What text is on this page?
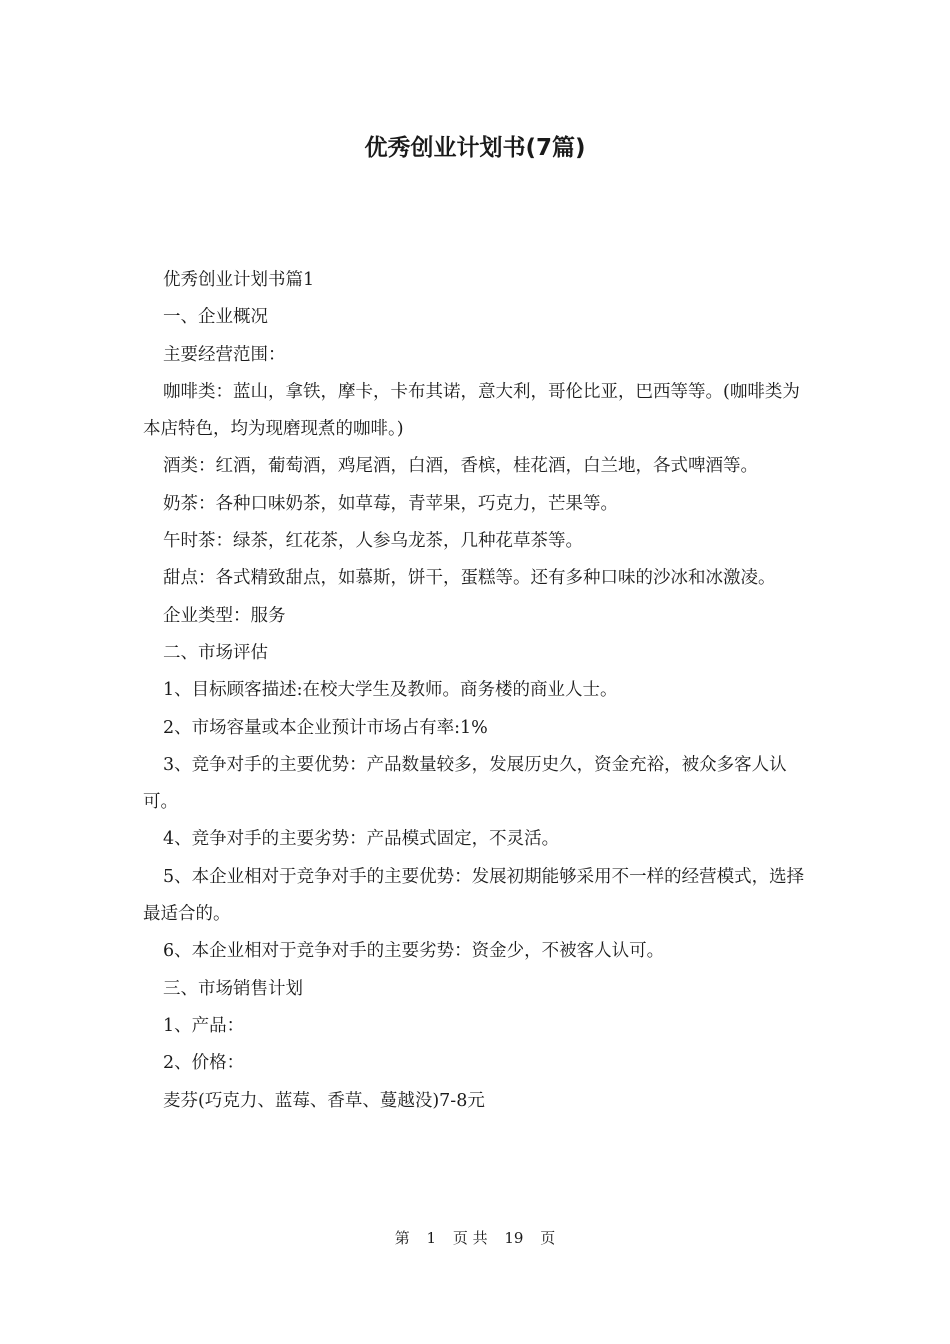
优秀创业计划书(7篇)

优秀创业计划书篇1

一、企业概况

主要经营范围：

咖啡类：蓝山，拿铁，摩卡，卡布其诺，意大利，哥伦比亚，巴西等等。(咖啡类为本店特色，均为现磨现煮的咖啡。)

酒类：红酒，葡萄酒，鸡尾酒，白酒，香槟，桂花酒，白兰地，各式啤酒等。

奶茶：各种口味奶茶，如草莓，青苹果，巧克力，芒果等。

午时茶：绿茶，红花茶，人参乌龙茶，几种花草茶等。

甜点：各式精致甜点，如慕斯，饼干，蛋糕等。还有多种口味的沙冰和冰激凌。

企业类型：服务

二、市场评估

1、目标顾客描述:在校大学生及教师。商务楼的商业人士。

2、市场容量或本企业预计市场占有率:1%

3、竞争对手的主要优势：产品数量较多，发展历史久，资金充裕，被众多客人认可。

4、竞争对手的主要劣势：产品模式固定，不灵活。

5、本企业相对于竞争对手的主要优势：发展初期能够采用不一样的经营模式，选择最适合的。

6、本企业相对于竞争对手的主要劣势：资金少，不被客人认可。

三、市场销售计划

1、产品：

2、价格：

麦芬(巧克力、蓝莓、香草、蔓越没)7-8元

第 1 页 共 19 页
